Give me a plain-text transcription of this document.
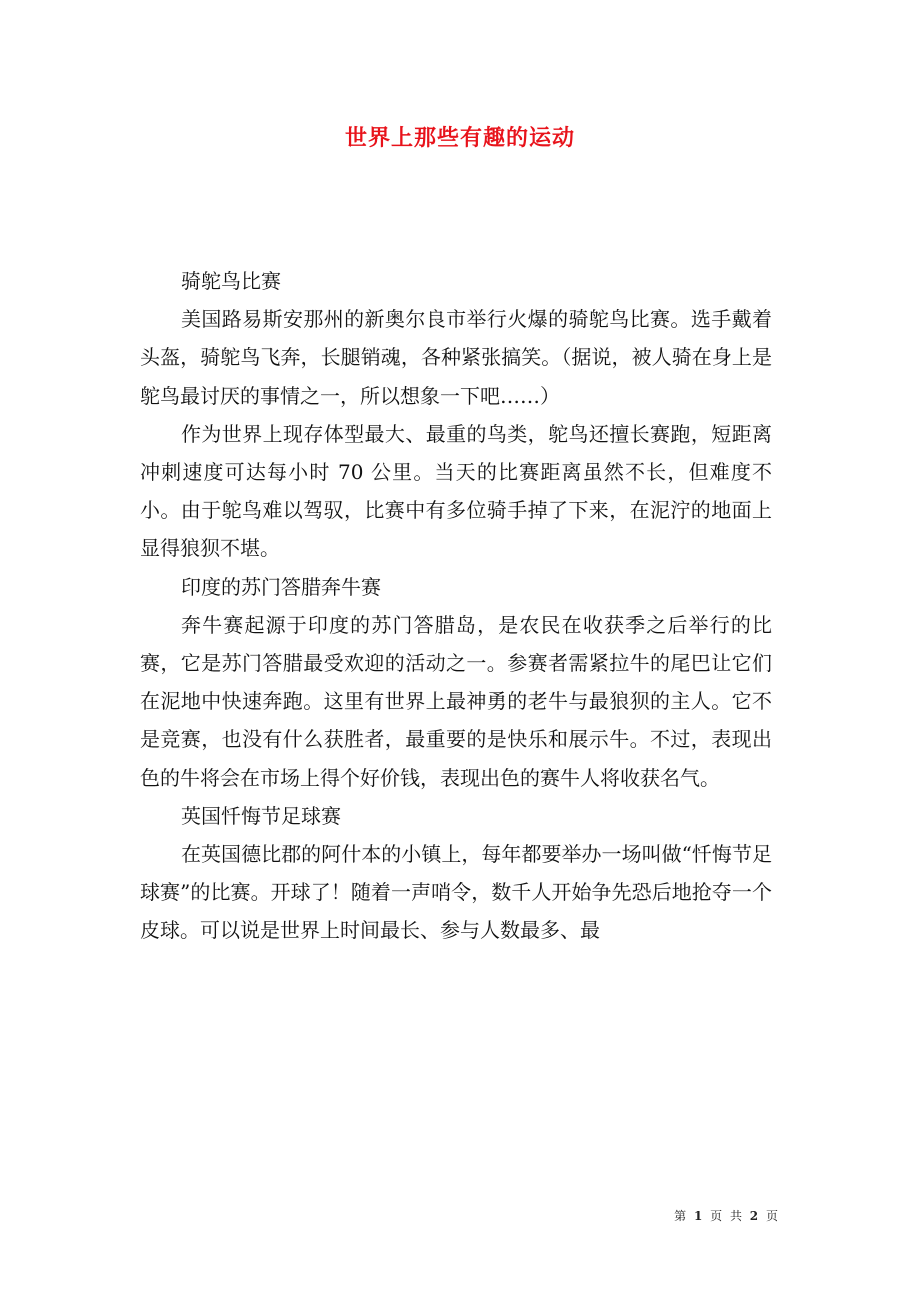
世界上那些有趣的运动

骑鸵鸟比赛

美国路易斯安那州的新奥尔良市举行火爆的骑鸵鸟比赛。选手戴着头盔，骑鸵鸟飞奔，长腿销魂，各种紧张搞笑。（据说，被人骑在身上是鸵鸟最讨厌的事情之一，所以想象一下吧……）

作为世界上现存体型最大、最重的鸟类，鸵鸟还擅长赛跑，短距离冲刺速度可达每小时 70 公里。当天的比赛距离虽然不长，但难度不小。由于鸵鸟难以驾驭，比赛中有多位骑手掉了下来，在泥泞的地面上显得狼狈不堪。

印度的苏门答腊奔牛赛

奔牛赛起源于印度的苏门答腊岛，是农民在收获季之后举行的比赛，它是苏门答腊最受欢迎的活动之一。参赛者需紧拉牛的尾巴让它们在泥地中快速奔跑。这里有世界上最神勇的老牛与最狼狈的主人。它不是竞赛，也没有什么获胜者，最重要的是快乐和展示牛。不过，表现出色的牛将会在市场上得个好价钱，表现出色的赛牛人将收获名气。

英国忏悔节足球赛

在英国德比郡的阿什本的小镇上，每年都要举办一场叫做“忏悔节足球赛”的比赛。开球了！随着一声哨令，数千人开始争先恐后地抢夺一个皮球。可以说是世界上时间最长、参与人数最多、最

第 1 页 共 2 页
